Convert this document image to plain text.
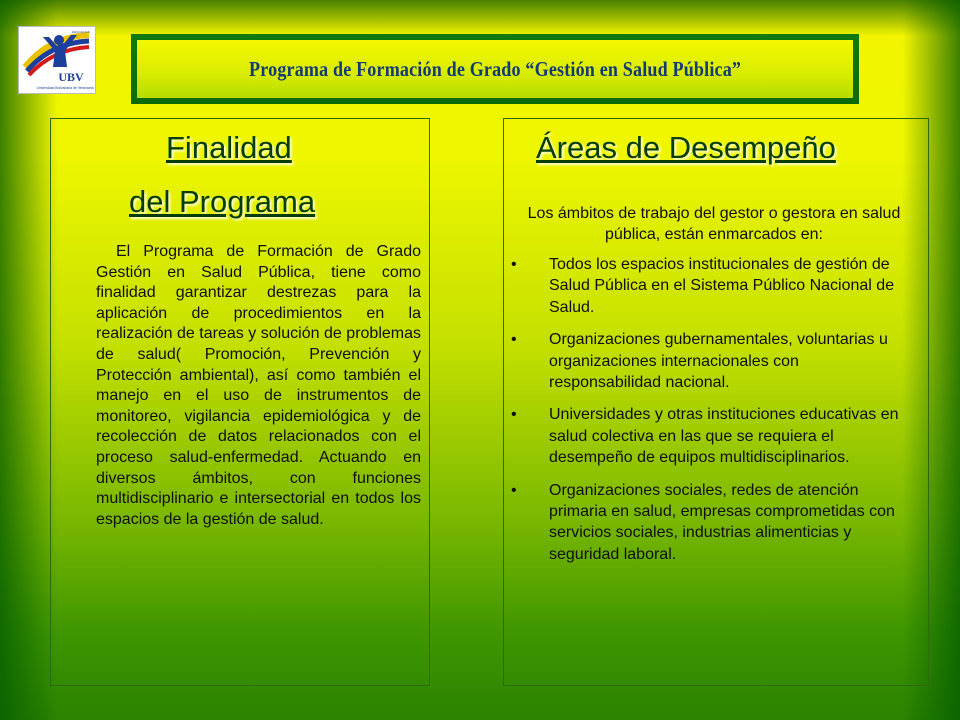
UBV
Universidad Bolivariana de Venezuela
EDUCACION
Programa de Formación de Grado “Gestión en Salud Pública”
Finalidad
del Programa

El Programa de Formación de Grado Gestión en Salud Pública, tiene como finalidad garantizar destrezas para la aplicación de procedimientos en la realización de tareas y solución de problemas de salud( Promoción, Prevención y Protección ambiental), así como también el manejo en el uso de instrumentos de monitoreo, vigilancia epidemiológica y de recolección de datos relacionados con el proceso salud-enfermedad. Actuando en diversos ámbitos, con funciones multidisciplinario e intersectorial en todos los espacios de la gestión de salud.

Áreas de Desempeño

Los ámbitos de trabajo del gestor o gestora en salud pública, están enmarcados en:

• Todos los espacios institucionales de gestión de Salud Pública en el Sistema Público Nacional de Salud.
• Organizaciones gubernamentales, voluntarias u organizaciones internacionales con responsabilidad nacional.
• Universidades y otras instituciones educativas en salud colectiva en las que se requiera el desempeño de equipos multidisciplinarios.
• Organizaciones sociales, redes de atención primaria en salud, empresas comprometidas con servicios sociales, industrias alimenticias y seguridad laboral.
